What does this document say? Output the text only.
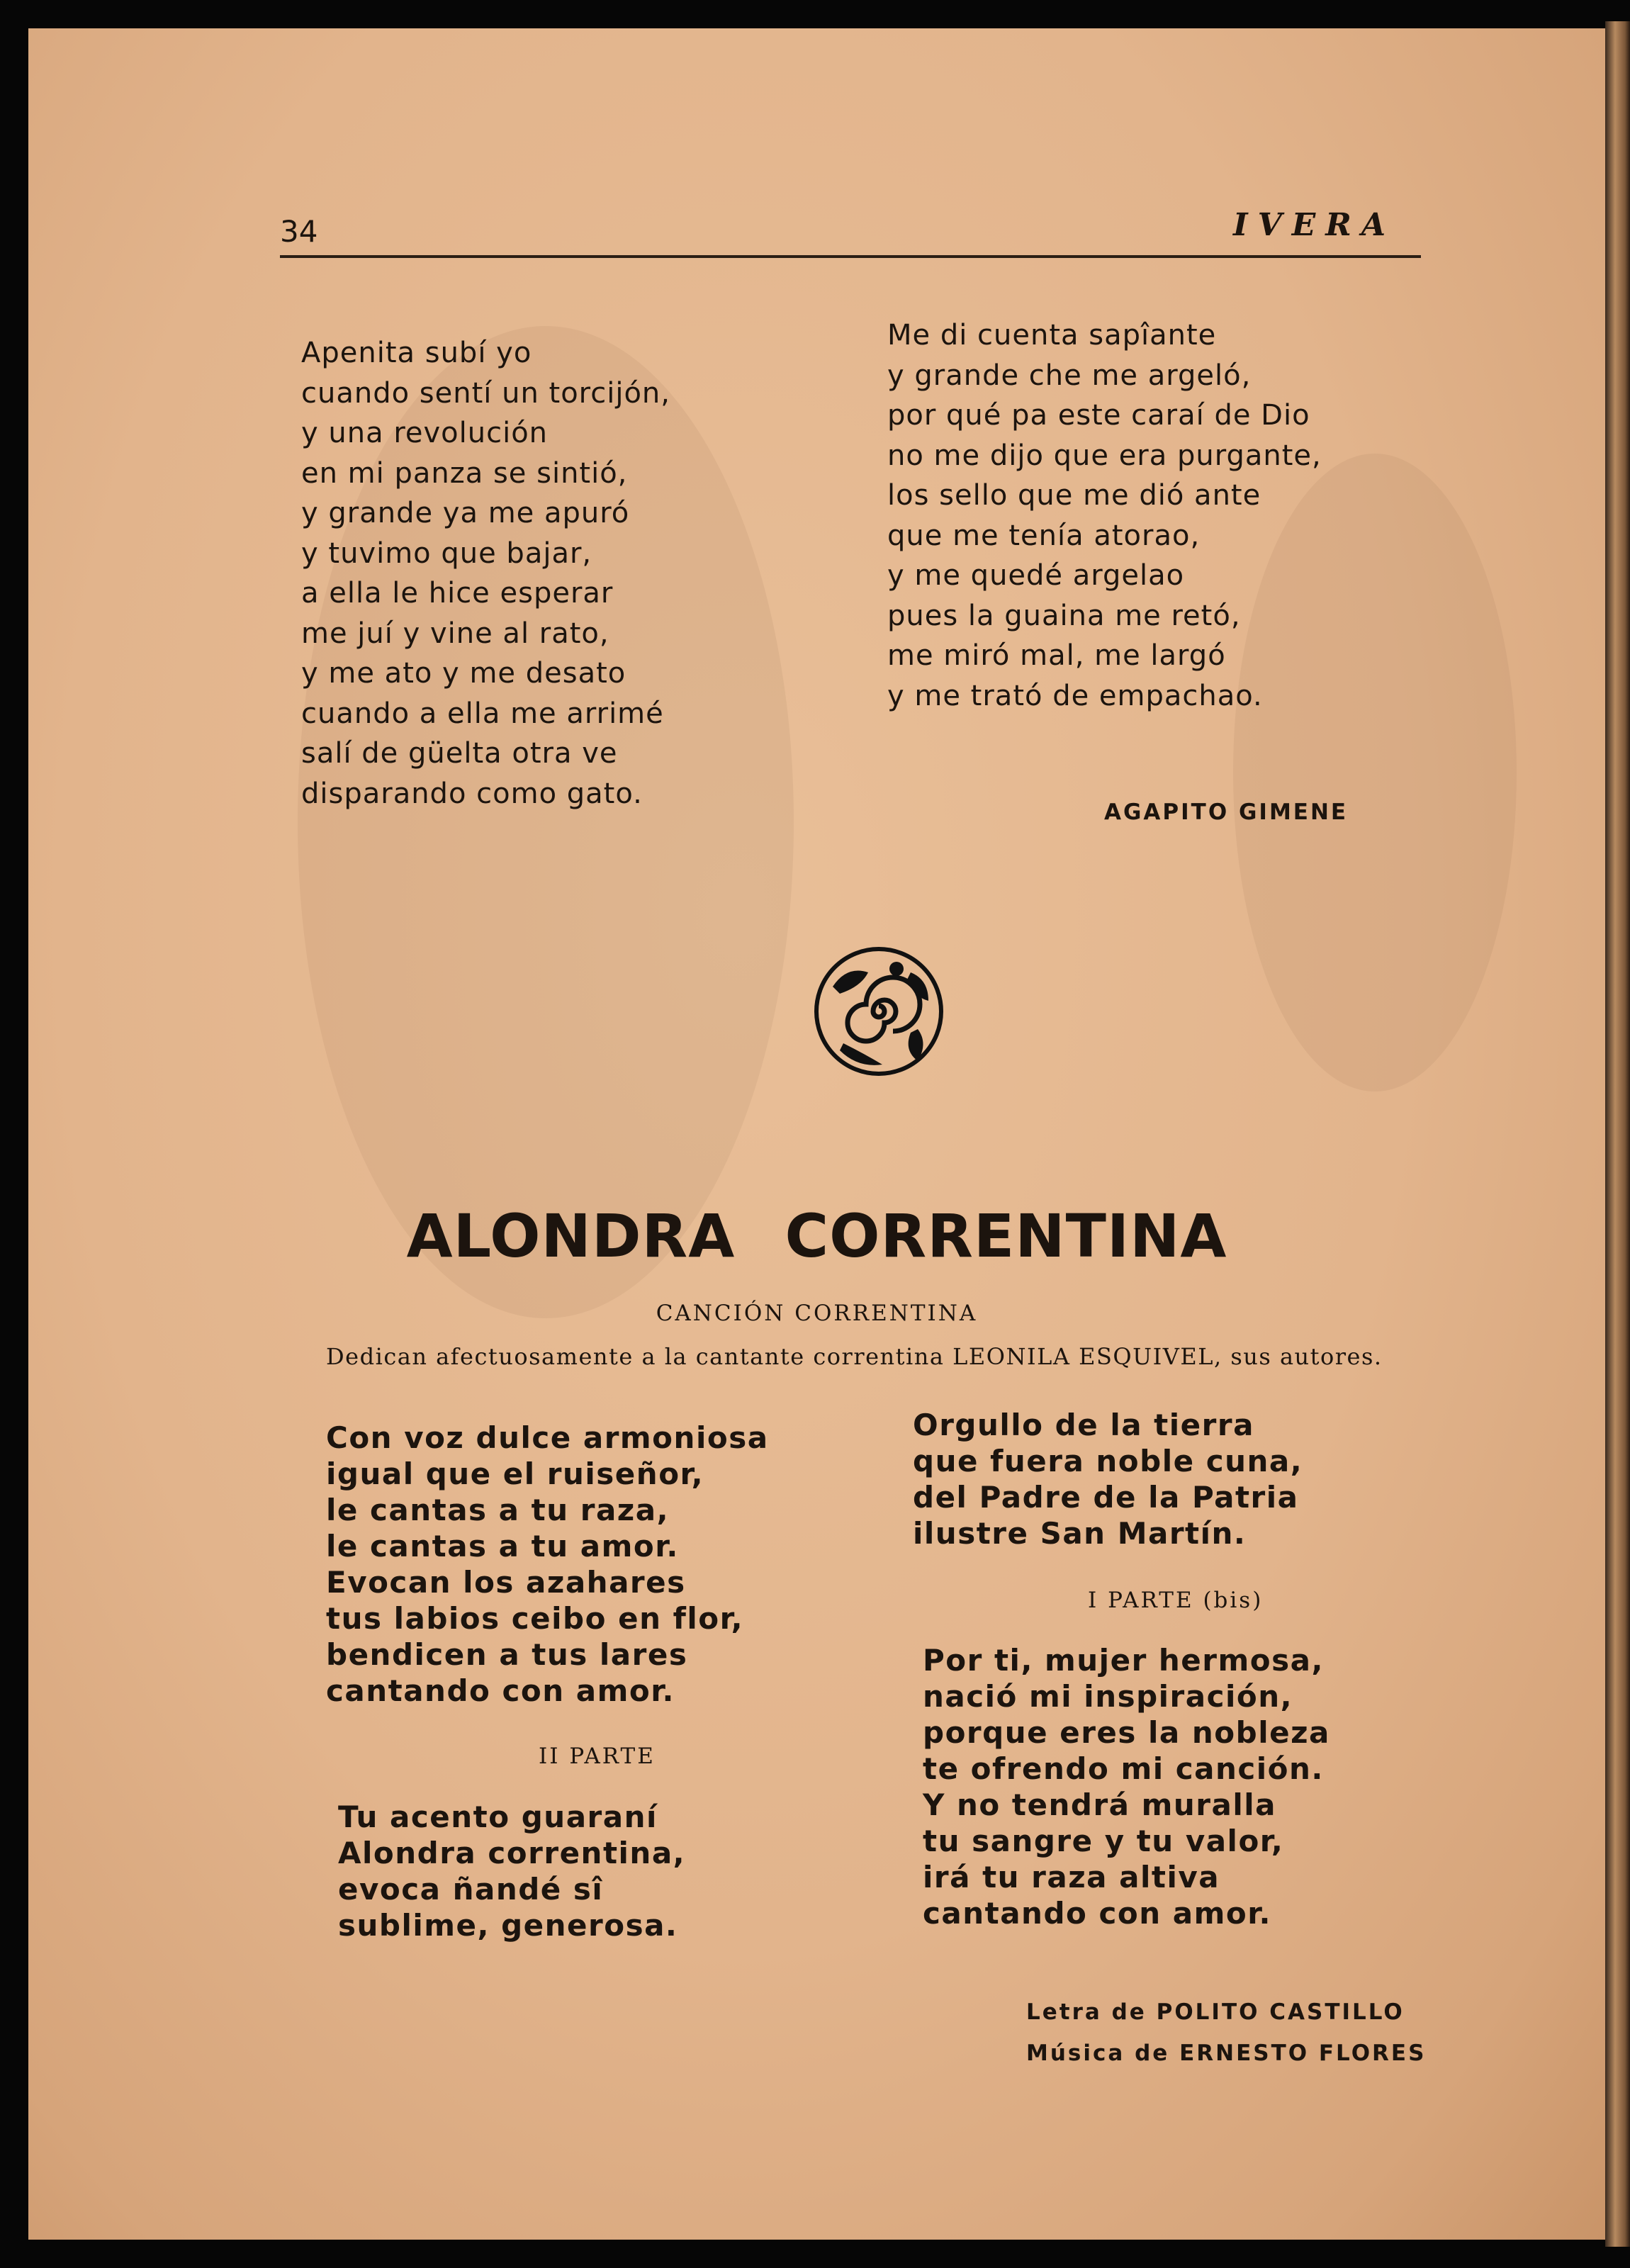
34	IVERA
Apenita subí yo
cuando sentí un torcijón,
y una revolución
en mi panza se sintió,
y grande ya me apuró
y tuvimo que bajar,
a ella le hice esperar
me juí y vine al rato,
y me ato y me desato
cuando a ella me arrimé
salí de güelta otra ve
disparando como gato.
Me di cuenta sapîante
y grande che me argeló,
por qué pa este caraí de Dio
no me dijo que era purgante,
los sello que me dió ante
que me tenía atorao,
y me quedé argelao
pues la guaina me retó,
me miró mal, me largó
y me trató de empachao.
AGAPITO GIMENE
ALONDRA CORRENTINA
CANCIÓN CORRENTINA
Dedican afectuosamente a la cantante correntina LEONILA ESQUIVEL, sus autores.
Con voz dulce armoniosa
igual que el ruiseñor,
le cantas a tu raza,
le cantas a tu amor.
Evocan los azahares
tus labios ceibo en flor,
bendicen a tus lares
cantando con amor.
II PARTE
Tu acento guaraní
Alondra correntina,
evoca ñandé sî
sublime, generosa.
Orgullo de la tierra
que fuera noble cuna,
del Padre de la Patria
ilustre San Martín.
I PARTE (bis)
Por ti, mujer hermosa,
nació mi inspiración,
porque eres la nobleza
te ofrendo mi canción.
Y no tendrá muralla
tu sangre y tu valor,
irá tu raza altiva
cantando con amor.
Letra de POLITO CASTILLO
Música de ERNESTO FLORES
